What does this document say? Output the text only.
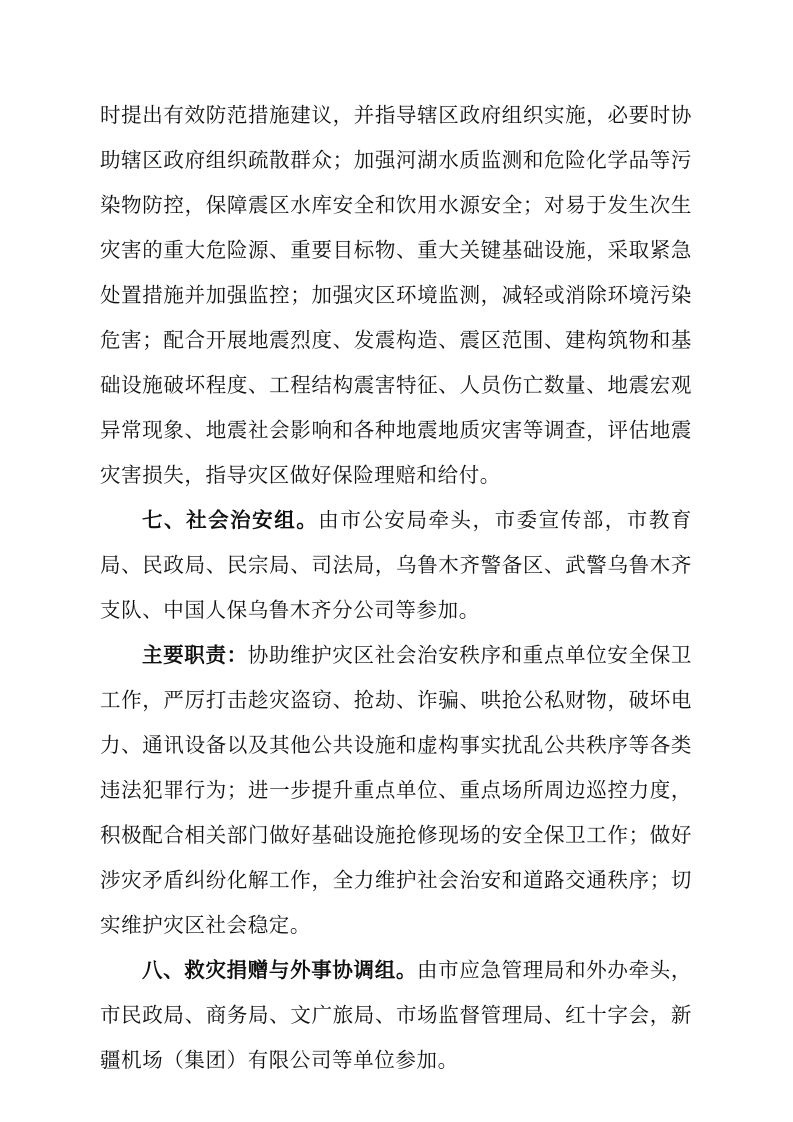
时提出有效防范措施建议，并指导辖区政府组织实施，必要时协助辖区政府组织疏散群众；加强河湖水质监测和危险化学品等污染物防控，保障震区水库安全和饮用水源安全；对易于发生次生灾害的重大危险源、重要目标物、重大关键基础设施，采取紧急处置措施并加强监控；加强灾区环境监测，减轻或消除环境污染危害；配合开展地震烈度、发震构造、震区范围、建构筑物和基础设施破坏程度、工程结构震害特征、人员伤亡数量、地震宏观异常现象、地震社会影响和各种地震地质灾害等调查，评估地震灾害损失，指导灾区做好保险理赔和给付。

七、社会治安组。由市公安局牵头，市委宣传部，市教育局、民政局、民宗局、司法局，乌鲁木齐警备区、武警乌鲁木齐支队、中国人保乌鲁木齐分公司等参加。

主要职责：协助维护灾区社会治安秩序和重点单位安全保卫工作，严厉打击趁灾盗窃、抢劫、诈骗、哄抢公私财物，破坏电力、通讯设备以及其他公共设施和虚构事实扰乱公共秩序等各类违法犯罪行为；进一步提升重点单位、重点场所周边巡控力度，积极配合相关部门做好基础设施抢修现场的安全保卫工作；做好涉灾矛盾纠纷化解工作，全力维护社会治安和道路交通秩序；切实维护灾区社会稳定。

八、救灾捐赠与外事协调组。由市应急管理局和外办牵头，市民政局、商务局、文广旅局、市场监督管理局、红十字会，新疆机场（集团）有限公司等单位参加。
